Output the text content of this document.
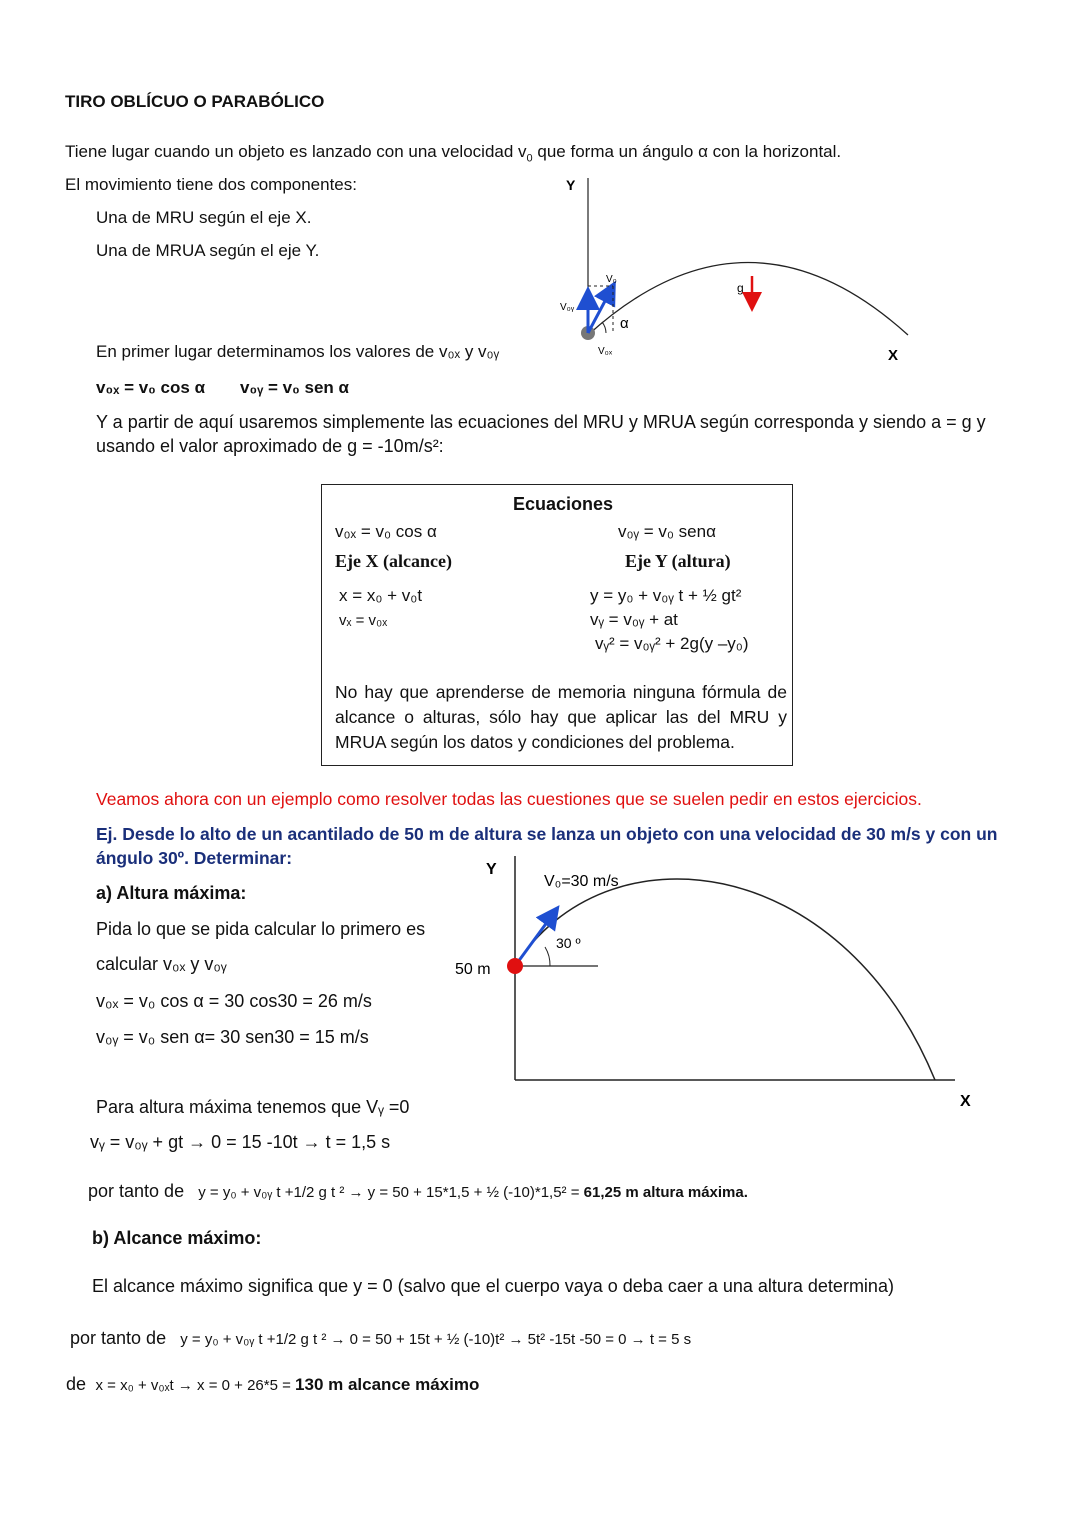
TIRO OBLÍCUO O PARABÓLICO
Tiene lugar cuando un objeto es lanzado con una velocidad $v_0$ que forma un ángulo α con la horizontal.
El movimiento tiene dos componentes:
Una de MRU según el eje X.
Una de MRUA según el eje Y.
Y
X
V₀
V₀ᵧ
V₀ₓ
α
g
En primer lugar determinamos los valores de v₀ₓ y v₀ᵧ
v₀ₓ = v₀ cos α v₀ᵧ = v₀ sen α
Y a partir de aquí usaremos simplemente las ecuaciones del MRU y MRUA según corresponda y siendo a = g y
usando el valor aproximado de g = -10m/s²:
Ecuaciones
v₀ₓ = v₀ cos α	v₀ᵧ = v₀ senα
Eje X (alcance)	Eje Y (altura)
x = x₀ + v₀t
vₓ = v₀ₓ
y = y₀ + v₀ᵧ t + ½ gt²
vᵧ = v₀ᵧ + at
vᵧ² = v₀ᵧ² + 2g(y –y₀)
No hay que aprenderse de memoria ninguna fórmula de alcance o alturas, sólo hay que aplicar las del MRU y MRUA según los datos y condiciones del problema.
Veamos ahora con un ejemplo como resolver todas las cuestiones que se suelen pedir en estos ejercicios.
Ej. Desde lo alto de un acantilado de 50 m de altura se lanza un objeto con una velocidad de 30 m/s y con un
ángulo 30º. Determinar:
a) Altura máxima:
Pida lo que se pida calcular lo primero es
calcular v₀ₓ y v₀ᵧ
v₀ₓ = v₀ cos α = 30 cos30 = 26 m/s
v₀ᵧ = v₀ sen α= 30 sen30 = 15 m/s
Y
X
V₀=30 m/s
30 º
50 m
Para altura máxima tenemos que Vᵧ =0
vᵧ = v₀ᵧ + gt → 0 = 15 -10t → t = 1,5 s
por tanto de y = y₀ + v₀ᵧ t +1/2 g t ² → y = 50 + 15*1,5 + ½ (-10)*1,5² = 61,25 m altura máxima.
b) Alcance máximo:
El alcance máximo significa que y = 0 (salvo que el cuerpo vaya o deba caer a una altura determina)
por tanto de y = y₀ + v₀ᵧ t +1/2 g t ² → 0 = 50 + 15t + ½ (-10)t² → 5t² -15t -50 = 0 → t = 5 s
de x = x₀ + v₀ₓt → x = 0 + 26*5 = 130 m alcance máximo
